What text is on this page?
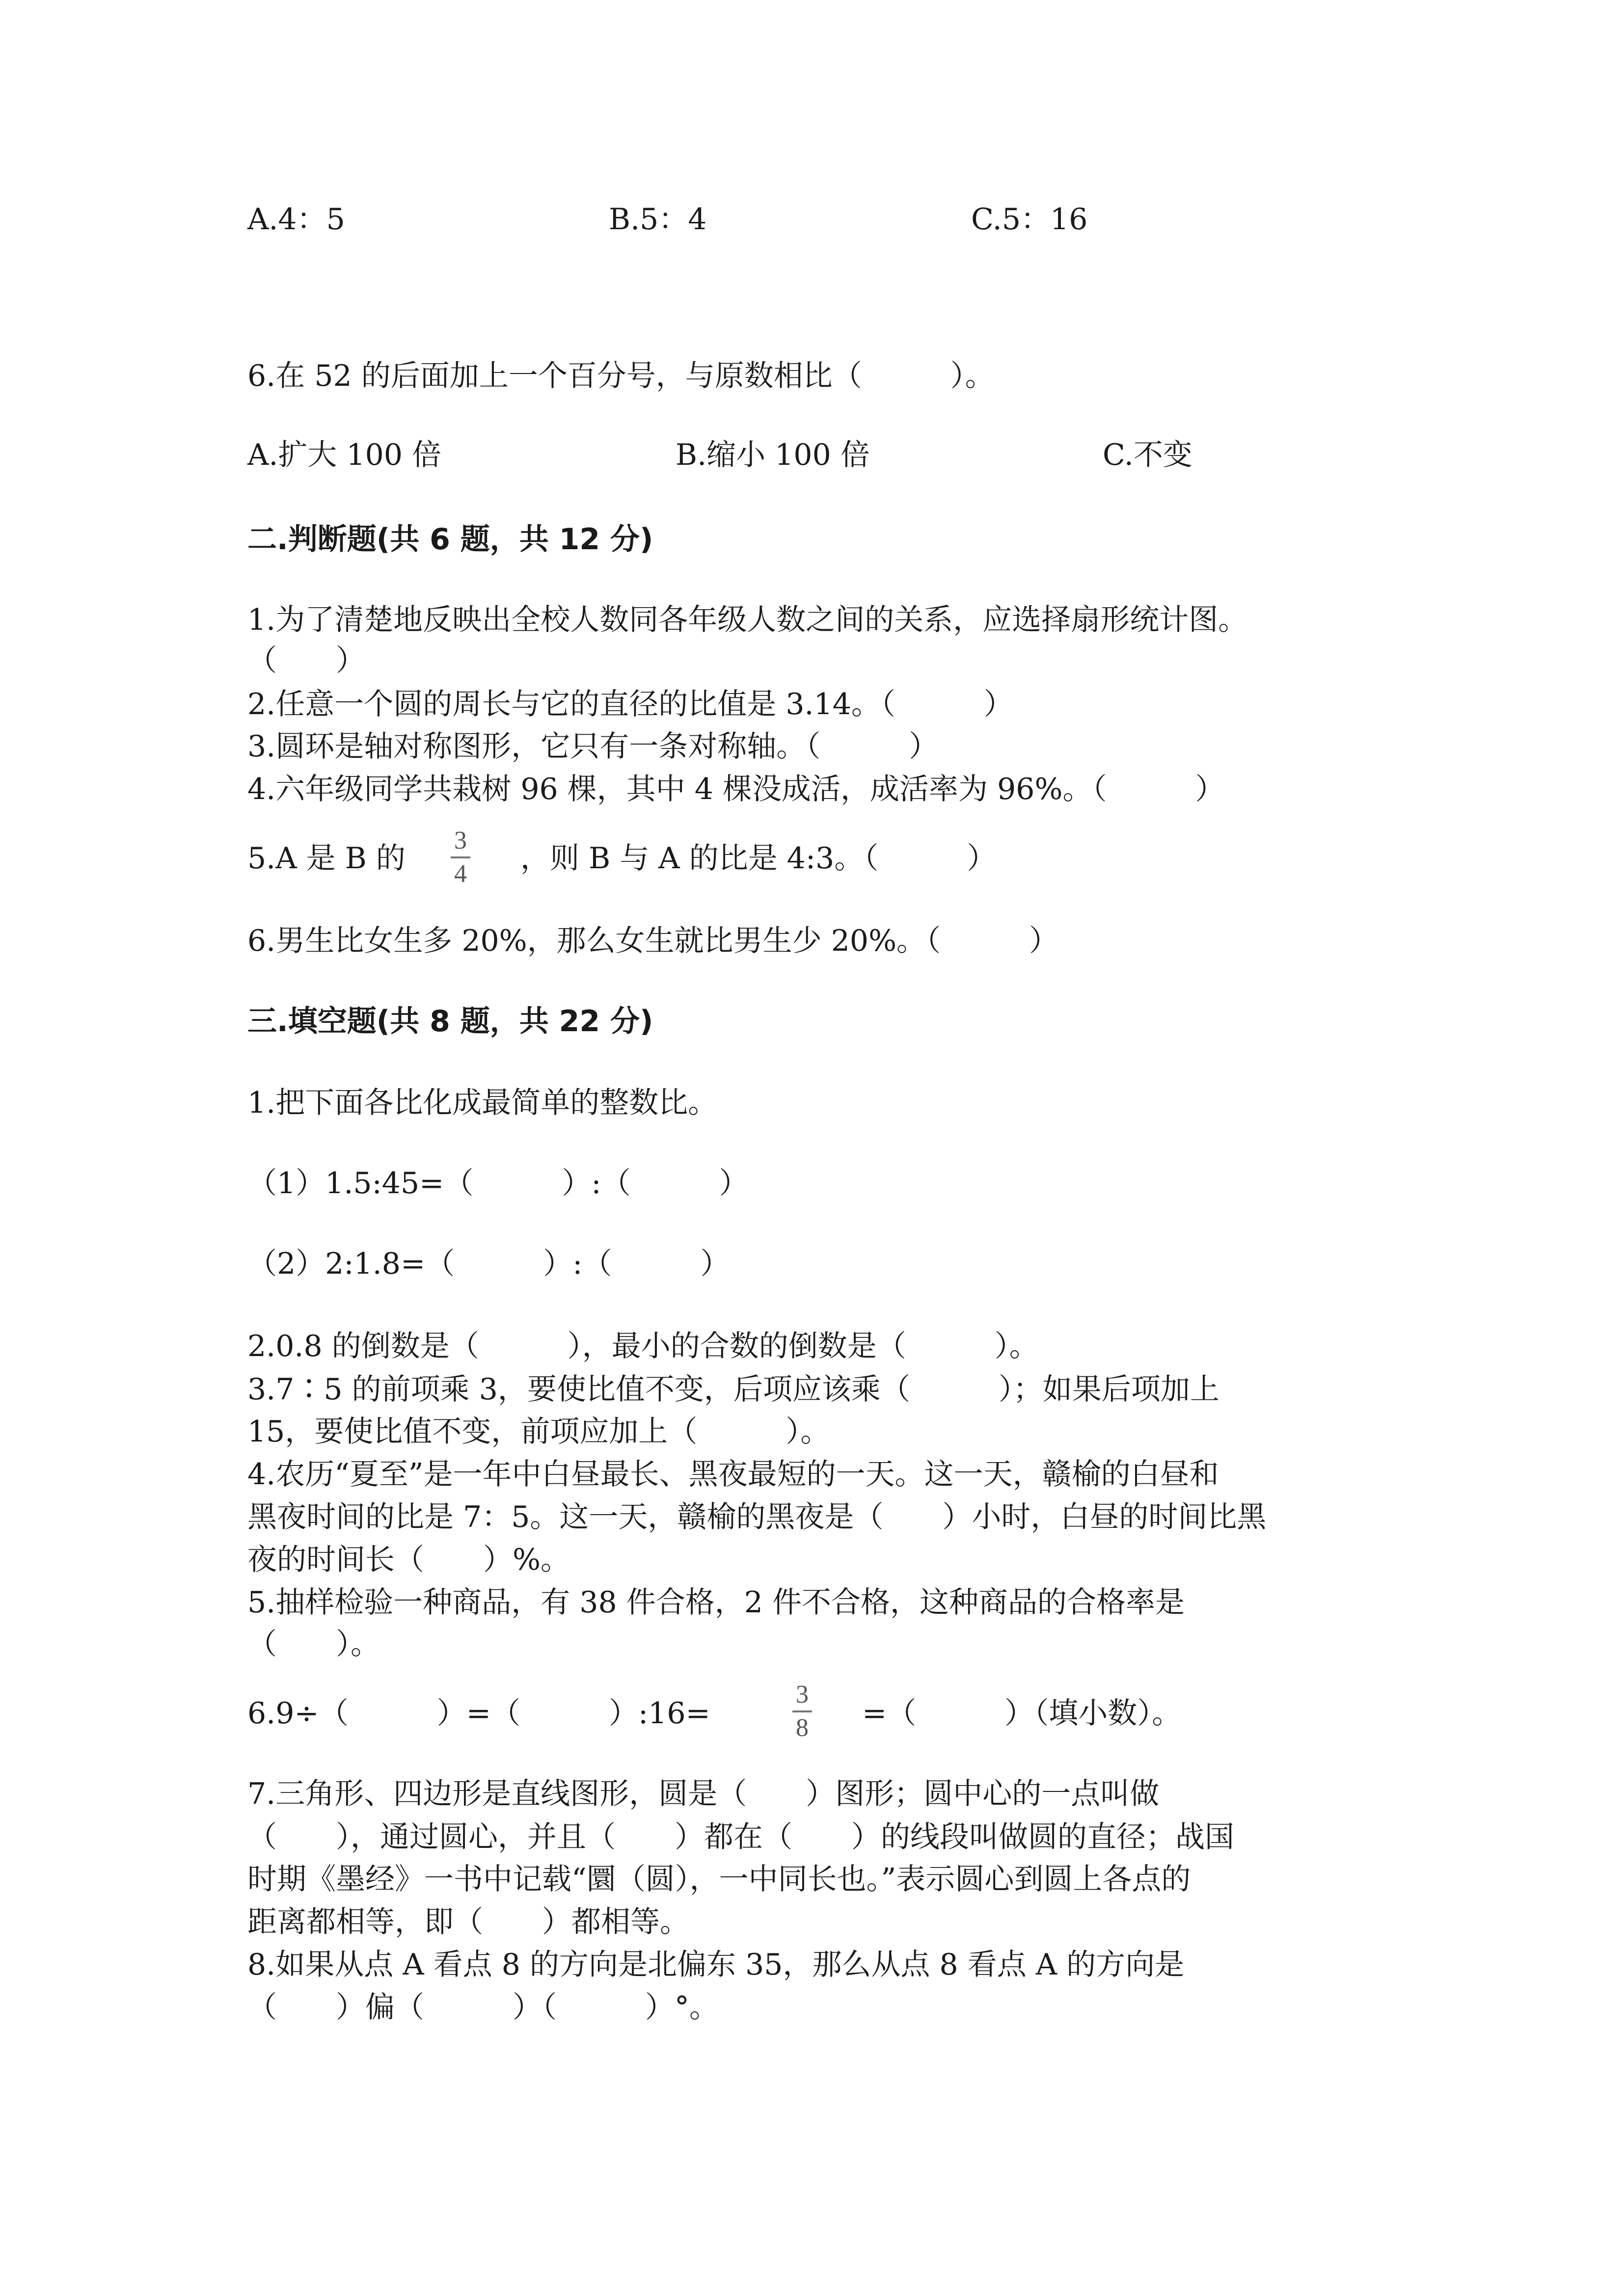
A.4：5	B.5：4	C.5：16
6.在 52 的后面加上一个百分号，与原数相比（　　　）。
A.扩大 100 倍	B.缩小 100 倍	C.不变
二.判断题(共 6 题，共 12 分)
1.为了清楚地反映出全校人数同各年级人数之间的关系，应选择扇形统计图。
（　　）
2.任意一个圆的周长与它的直径的比值是 3.14。（　　　）
3.圆环是轴对称图形，它只有一条对称轴。（　　　）
4.六年级同学共栽树 96 棵，其中 4 棵没成活，成活率为 96%。（　　　）
5.A 是 B 的
3
4 ，则 B 与 A 的比是 4:3。（　　　）
6.男生比女生多 20%，那么女生就比男生少 20%。（　　　）
三.填空题(共 8 题，共 22 分)
1.把下面各比化成最简单的整数比。
（1）1.5:45=（　　　）:（　　　）
（2）2:1.8=（　　　）:（　　　）
2.0.8 的倒数是（　　　），最小的合数的倒数是（　　　）。
3.7∶5 的前项乘 3，要使比值不变，后项应该乘（　　　）；如果后项加上
15，要使比值不变，前项应加上（　　　）。
4.农历“夏至”是一年中白昼最长、黑夜最短的一天。这一天，赣榆的白昼和
黑夜时间的比是 7：5。这一天，赣榆的黑夜是（　　）小时，白昼的时间比黑
夜的时间长（　　）%。
5.抽样检验一种商品，有 38 件合格，2 件不合格，这种商品的合格率是
（　　）。
6.9÷（　　　）=（　　　）:16=
3
8 =（　　　）（填小数）。
7.三角形、四边形是直线图形，圆是（　　）图形；圆中心的一点叫做
（　　），通过圆心，并且（　　）都在（　　）的线段叫做圆的直径；战国
时期《墨经》一书中记载“圜（圆），一中同长也。”表示圆心到圆上各点的
距离都相等，即（　　）都相等。
8.如果从点 A 看点 8 的方向是北偏东 35，那么从点 8 看点 A 的方向是
（　　）偏（　　　）（　　　）°。
